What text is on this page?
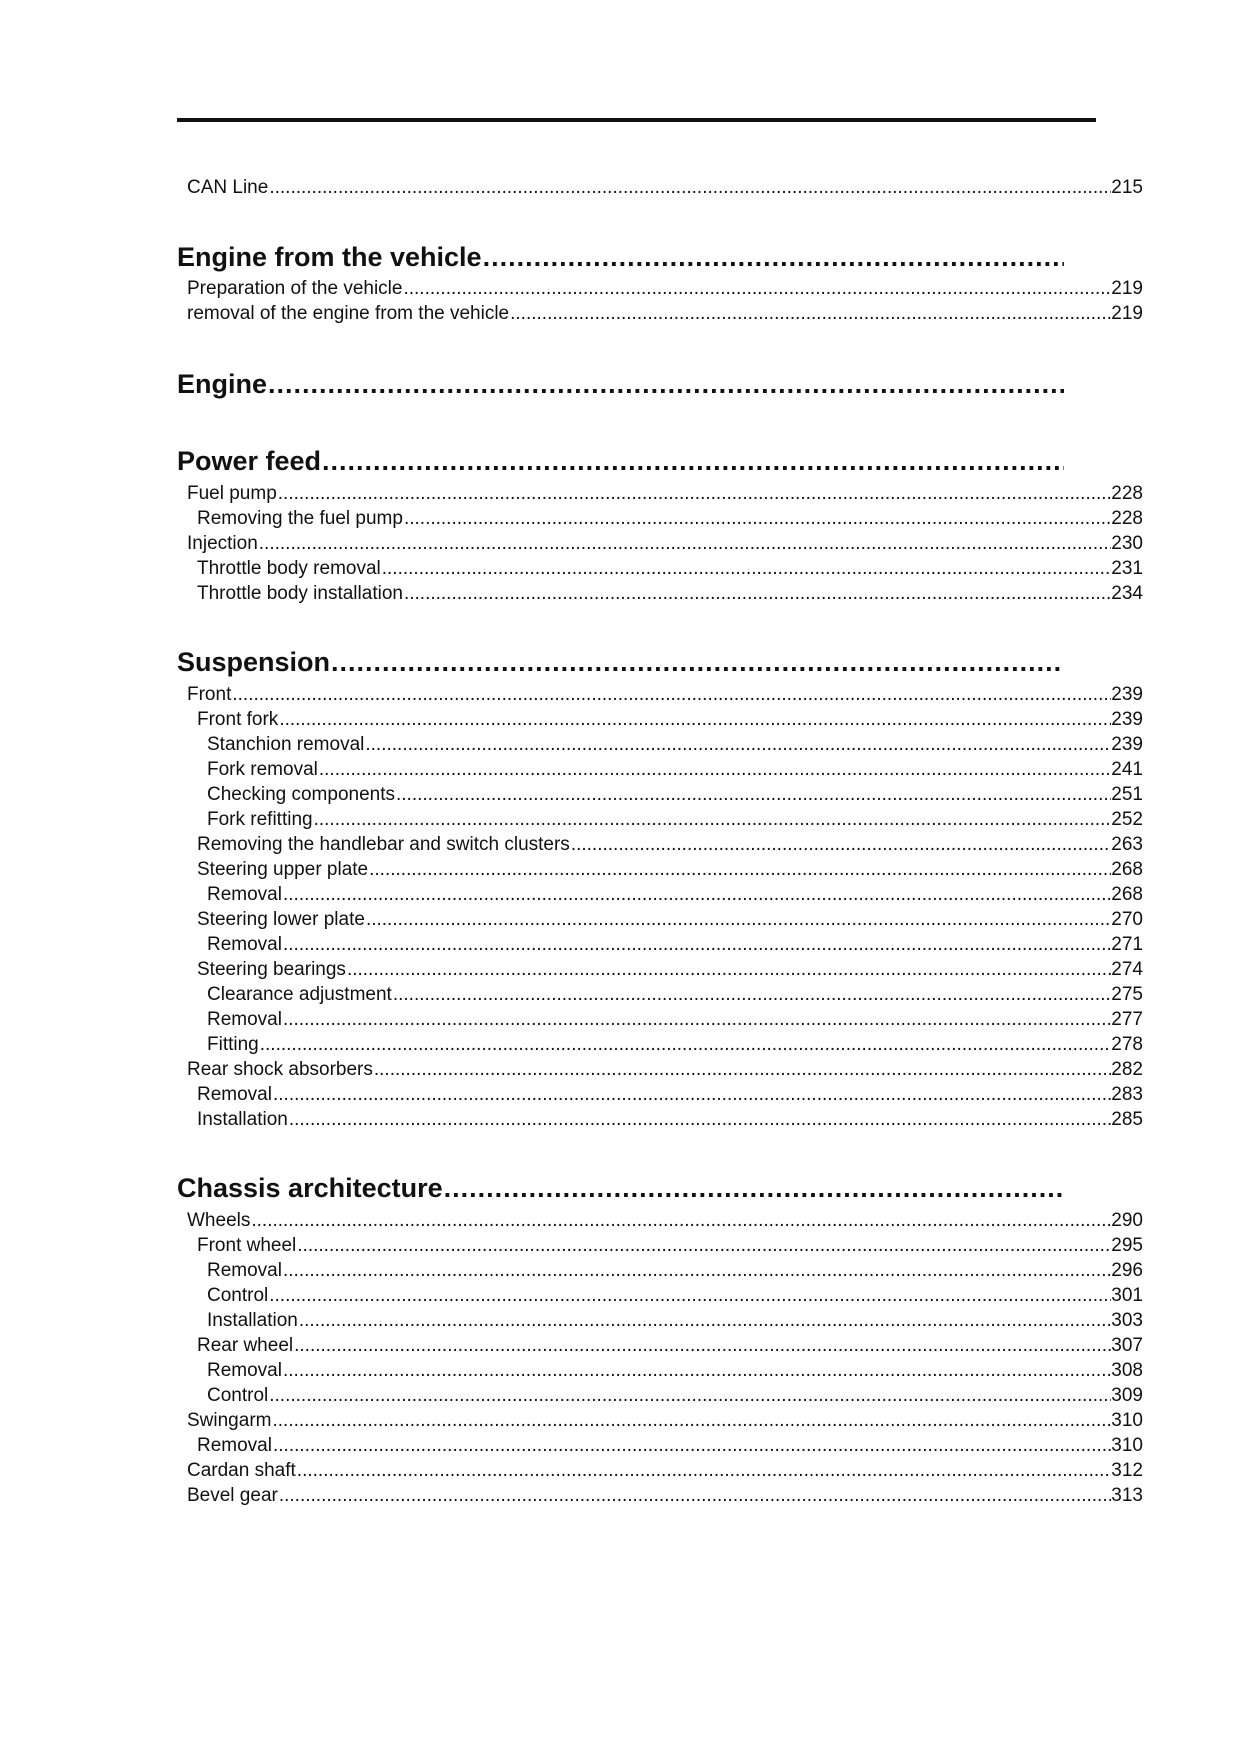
CAN Line .....	215
Engine from the vehicle
.....
Preparation of the vehicle .....	219
removal of the engine from the vehicle .....	219
Engine
.....
Power feed
.....
Fuel pump .....	228
Removing the fuel pump .....	228
Injection .....	230
Throttle body removal .....	231
Throttle body installation .....	234
Suspension
.....
Front .....	239
Front fork .....	239
Stanchion removal .....	239
Fork removal .....	241
Checking components .....	251
Fork refitting .....	252
Removing the handlebar and switch clusters .....	263
Steering upper plate .....	268
Removal .....	268
Steering lower plate .....	270
Removal .....	271
Steering bearings .....	274
Clearance adjustment .....	275
Removal .....	277
Fitting .....	278
Rear shock absorbers .....	282
Removal .....	283
Installation .....	285
Chassis architecture
.....
Wheels .....	290
Front wheel .....	295
Removal .....	296
Control .....	301
Installation .....	303
Rear wheel .....	307
Removal .....	308
Control .....	309
Swingarm .....	310
Removal .....	310
Cardan shaft .....	312
Bevel gear .....	313
